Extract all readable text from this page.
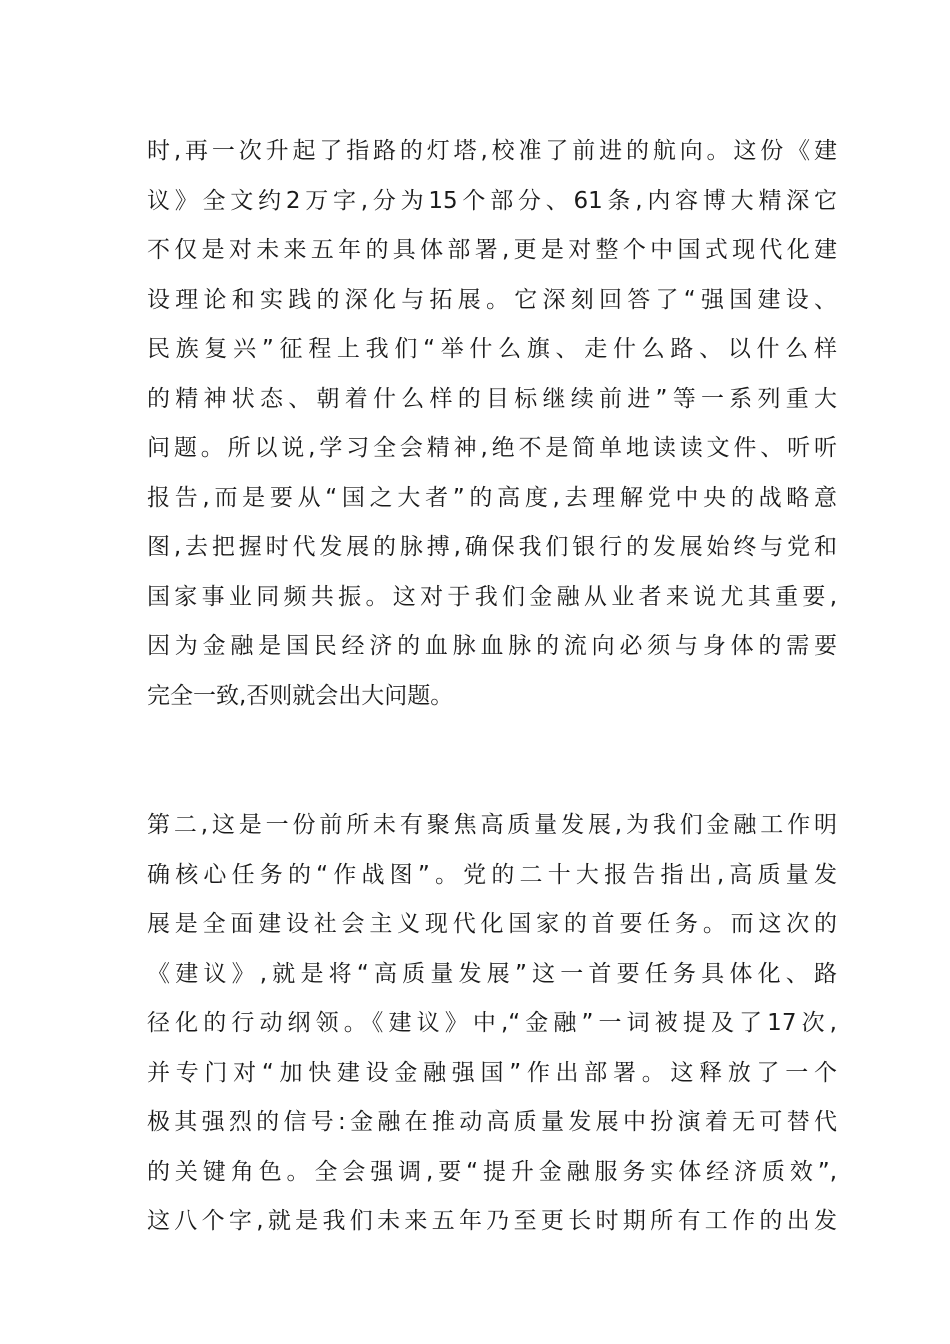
时,再一次升起了指路的灯塔,校准了前进的航向。这份《建
议》全文约2万字,分为15个部分、61条,内容博大精深它
不仅是对未来五年的具体部署,更是对整个中国式现代化建
设理论和实践的深化与拓展。它深刻回答了“强国建设、
民族复兴”征程上我们“举什么旗、走什么路、以什么样
的精神状态、朝着什么样的目标继续前进”等一系列重大
问题。所以说,学习全会精神,绝不是简单地读读文件、听听
报告,而是要从“国之大者”的高度,去理解党中央的战略意
图,去把握时代发展的脉搏,确保我们银行的发展始终与党和
国家事业同频共振。这对于我们金融从业者来说尤其重要,
因为金融是国民经济的血脉血脉的流向必须与身体的需要
完全一致,否则就会出大问题。
第二,这是一份前所未有聚焦高质量发展,为我们金融工作明
确核心任务的“作战图”。党的二十大报告指出,高质量发
展是全面建设社会主义现代化国家的首要任务。而这次的
《建议》,就是将“高质量发展”这一首要任务具体化、路
径化的行动纲领。《建议》中,“金融”一词被提及了17次,
并专门对“加快建设金融强国”作出部署。这释放了一个
极其强烈的信号:金融在推动高质量发展中扮演着无可替代
的关键角色。全会强调,要“提升金融服务实体经济质效”,
这八个字,就是我们未来五年乃至更长时期所有工作的出发
